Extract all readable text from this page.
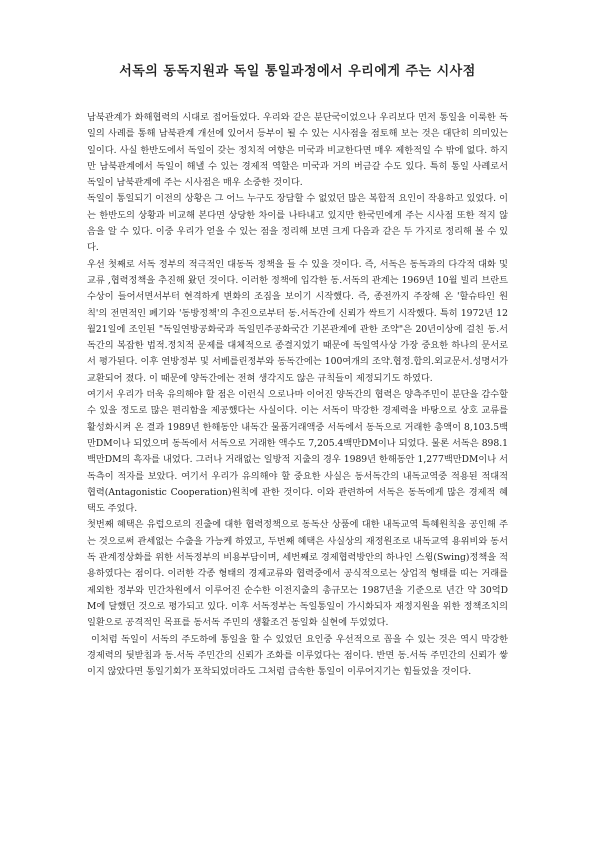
서독의 동독지원과 독일 통일과정에서 우리에게 주는 시사점

남북관계가 화해협력의 시대로 접어들었다. 우리와 같은 분단국이었으나 우리보다 먼저 통일을 이룩한 독일의 사례를 통해 남북관계 개선에 있어서 등부이 될 수 있는 시사점을 점토해 보는 것은 대단히 의미있는 일이다. 사실 한반도에서 독일이 갖는 정치적 여향은 미국과 비교한다면 매우 제한적일 수 밖에 없다. 하지만 남북관계에서 독일이 해낼 수 있는 경제적 역할은 미국과 거의 버금갈 수도 있다. 특히 통일 사례로서 독일이 남북관계에 주는 시사점은 매우 소중한 것이다.

독일이 통일되기 이전의 상황은 그 어느 누구도 장담할 수 없었던 많은 복합적 요인이 작용하고 있었다. 이는 한반도의 상황과 비교해 본다면 상당한 차이를 나타내고 있지만 한국민에게 주는 시사점 또한 적지 않음을 알 수 있다. 이중 우리가 얻을 수 있는 점을 정리해 보면 크게 다음과 같은 두 가지로 정리해 볼 수 있다.

우선 첫째로 서독 정부의 적극적인 대동독 정책을 들 수 있을 것이다. 즉, 서독은 동독과의 다각적 대화 및 교류 ,협력정책을 추진해 왔던 것이다. 이러한 정책에 입각한 동.서독의 관계는 1969년 10월 빌리 브란트 수상이 들어서면서부터 현격하게 변화의 조짐을 보이기 시작했다. 즉, 종전까지 주장해 온 '할슈타인 원칙'의 전면적인 폐기와 '동방정책'의 추진으로부터 동.서독간에 신뢰가 싹트기 시작했다. 특히 1972년 12월21일에 조인된 "독일연방공화국과 독일민주공화국간 기본관계에 관한 조약"은 20년이상에 걸친 동.서독간의 복잡한 법적.정치적 문제를 대체적으로 종결지었기 때문에 독일역사상 가장 중요한 하나의 문서로서 평가된다. 이후 연방정부 및 서베를린정부와 동독간에는 100여개의 조약.협정.합의.외교문서.성명서가 교환되어 졌다. 이 때문에 양독간에는 전혀 생각지도 않은 규칙들이 제정되기도 하였다.

여기서 우리가 더욱 유의해야 할 점은 이런식 으로나마 이어진 양독간의 협력은 양측주민이 분단을 감수할 수 있을 정도로 많은 편리함을 제공했다는 사실이다. 이는 서독이 막강한 경제력을 바탕으로 상호 교류를 활성화시켜 온 결과 1989년 한해동안 내독간 물품거래액중 서독에서 동독으로 거래한 총액이 8,103.5백만DM이나 되었으며 동독에서 서독으로 거래한 액수도 7,205.4백만DM이나 되었다. 물론 서독은 898.1백만DM의 흑자를 내었다. 그러나 거래없는 일방적 지출의 경우 1989년 한해동안 1,277백만DM이나 서독측이 적자를 보았다. 여기서 우리가 유의해야 할 중요한 사실은 동서독간의 내독교역중 적용된 적대적 협력(Antagonistic Cooperation)원칙에 관한 것이다. 이와 관련하여 서독은 동독에게 많은 경제적 혜택도 주었다.

첫번째 혜택은 유럽으로의 진출에 대한 협력정책으로 동독산 상품에 대한 내독교역 특혜원칙을 공인해 주는 것으로써 관세없는 수출을 가능케 하였고, 두번째 혜택은 사실상의 재정원조로 내독교역 용위비와 동서독 관계정상화를 위한 서독정부의 비용부담이며, 세번째로 경제협력방안의 하나인 스윙(Swing)정책을 적용하였다는 점이다. 이러한 각종 형태의 경제교류와 협력중에서 공식적으로는 상업적 형태를 띠는 거래를 제외한 정부와 민간차원에서 이루어진 순수한 이전지출의 총규모는 1987년을 기준으로 년간 약 30억DM에 달했던 것으로 평가되고 있다. 이후 서독정부는 독일통일이 가시화되자 재정지원을 위한 정책조치의 일환으로 공격적인 목표를 동서독 주민의 생활조건 동일화 실현에 두었었다.

이처럼 독일이 서독의 주도하에 통일을 할 수 있었던 요인중 우선적으로 꼽을 수 있는 것은 역시 막강한 경제력의 뒷받침과 동.서독 주민간의 신뢰가 조화를 이루었다는 점이다. 반면 동.서독 주민간의 신뢰가 쌓이지 않았다면 통일기회가 포착되었더라도 그처럼 급속한 통일이 이루어지기는 힘들었을 것이다.
